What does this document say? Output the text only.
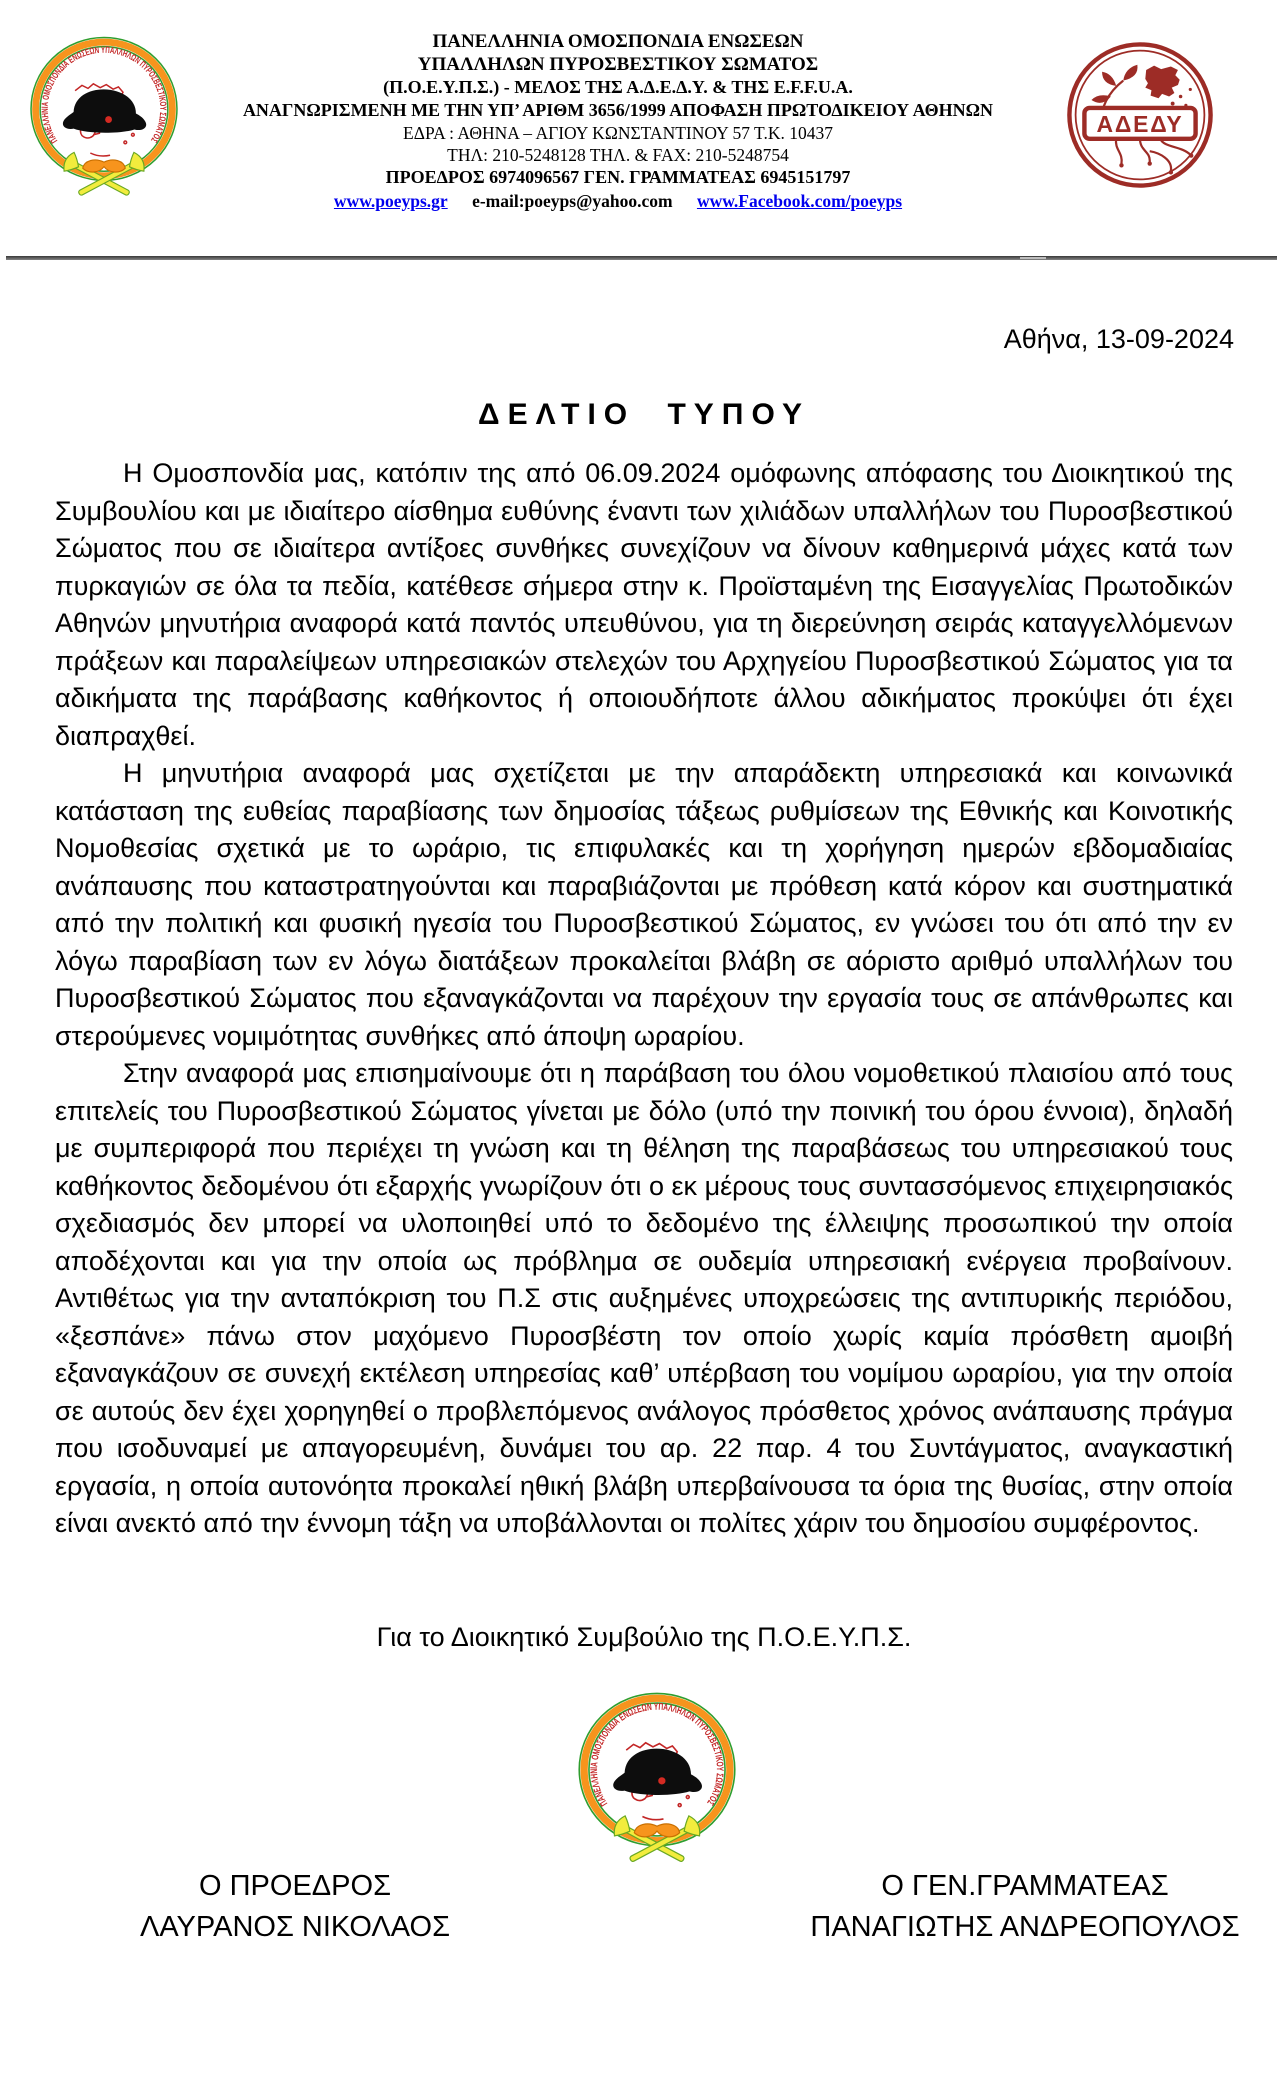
ΠΑΝΕΛΛΗΝΙΑ ΟΜΟΣΠΟΝΔΙΑ ΕΝΩΣΕΩΝ
ΥΠΑΛΛΗΛΩΝ ΠΥΡΟΣΒΕΣΤΙΚΟΥ ΣΩΜΑΤΟΣ
(Π.Ο.Ε.Υ.Π.Σ.) - ΜΕΛΟΣ ΤΗΣ Α.Δ.Ε.Δ.Υ. & ΤΗΣ E.F.F.U.A.
ΑΝΑΓΝΩΡΙΣΜΕΝΗ ΜΕ ΤΗΝ ΥΠ’ ΑΡΙΘΜ 3656/1999 ΑΠΟΦΑΣΗ ΠΡΩΤΟΔΙΚΕΙΟΥ ΑΘΗΝΩΝ
ΕΔΡΑ : ΑΘΗΝΑ – ΑΓΙΟΥ ΚΩΝΣΤΑΝΤΙΝΟΥ 57 Τ.Κ. 10437
ΤΗΛ: 210-5248128 ΤΗΛ. & FAX: 210-5248754
ΠΡΟΕΔΡΟΣ 6974096567 ΓΕΝ. ΓΡΑΜΜΑΤΕΑΣ 6945151797
www.poeyps.gr e-mail:poeyps@yahoo.com www.Facebook.com/poeyps
Αθήνα, 13-09-2024
ΔΕΛΤΙΟ ΤΥΠΟΥ

Η Ομοσπονδία μας, κατόπιν της από 06.09.2024 ομόφωνης απόφασης του Διοικητικού της Συμβουλίου και με ιδιαίτερο αίσθημα ευθύνης έναντι των χιλιάδων υπαλλήλων του Πυροσβεστικού Σώματος που σε ιδιαίτερα αντίξοες συνθήκες συνεχίζουν να δίνουν καθημερινά μάχες κατά των πυρκαγιών σε όλα τα πεδία, κατέθεσε σήμερα στην κ. Προϊσταμένη της Εισαγγελίας Πρωτοδικών Αθηνών μηνυτήρια αναφορά κατά παντός υπευθύνου, για τη διερεύνηση σειράς καταγγελλόμενων πράξεων και παραλείψεων υπηρεσιακών στελεχών του Αρχηγείου Πυροσβεστικού Σώματος για τα αδικήματα της παράβασης καθήκοντος ή οποιουδήποτε άλλου αδικήματος προκύψει ότι έχει διαπραχθεί.

Η μηνυτήρια αναφορά μας σχετίζεται με την απαράδεκτη υπηρεσιακά και κοινωνικά κατάσταση της ευθείας παραβίασης των δημοσίας τάξεως ρυθμίσεων της Εθνικής και Κοινοτικής Νομοθεσίας σχετικά με το ωράριο, τις επιφυλακές και τη χορήγηση ημερών εβδομαδιαίας ανάπαυσης που καταστρατηγούνται και παραβιάζονται με πρόθεση κατά κόρον και συστηματικά από την πολιτική και φυσική ηγεσία του Πυροσβεστικού Σώματος, εν γνώσει του ότι από την εν λόγω παραβίαση των εν λόγω διατάξεων προκαλείται βλάβη σε αόριστο αριθμό υπαλλήλων του Πυροσβεστικού Σώματος που εξαναγκάζονται να παρέχουν την εργασία τους σε απάνθρωπες και στερούμενες νομιμότητας συνθήκες από άποψη ωραρίου.

Στην αναφορά μας επισημαίνουμε ότι η παράβαση του όλου νομοθετικού πλαισίου από τους επιτελείς του Πυροσβεστικού Σώματος γίνεται με δόλο (υπό την ποινική του όρου έννοια), δηλαδή με συμπεριφορά που περιέχει τη γνώση και τη θέληση της παραβάσεως του υπηρεσιακού τους καθήκοντος δεδομένου ότι εξαρχής γνωρίζουν ότι ο εκ μέρους τους συντασσόμενος επιχειρησιακός σχεδιασμός δεν μπορεί να υλοποιηθεί υπό το δεδομένο της έλλειψης προσωπικού την οποία αποδέχονται και για την οποία ως πρόβλημα σε ουδεμία υπηρεσιακή ενέργεια προβαίνουν. Αντιθέτως για την ανταπόκριση του Π.Σ στις αυξημένες υποχρεώσεις της αντιπυρικής περιόδου, «ξεσπάνε» πάνω στον μαχόμενο Πυροσβέστη τον οποίο χωρίς καμία πρόσθετη αμοιβή εξαναγκάζουν σε συνεχή εκτέλεση υπηρεσίας καθ’ υπέρβαση του νομίμου ωραρίου, για την οποία σε αυτούς δεν έχει χορηγηθεί ο προβλεπόμενος ανάλογος πρόσθετος χρόνος ανάπαυσης πράγμα που ισοδυναμεί με απαγορευμένη, δυνάμει του αρ. 22 παρ. 4 του Συντάγματος, αναγκαστική εργασία, η οποία αυτονόητα προκαλεί ηθική βλάβη υπερβαίνουσα τα όρια της θυσίας, στην οποία είναι ανεκτό από την έννομη τάξη να υποβάλλονται οι πολίτες χάριν του δημοσίου συμφέροντος.

Για το Διοικητικό Συμβούλιο της Π.Ο.Ε.Υ.Π.Σ.
Ο ΠΡΟΕΔΡΟΣ
ΛΑΥΡΑΝΟΣ ΝΙΚΟΛΑΟΣ
Ο ΓΕΝ.ΓΡΑΜΜΑΤΕΑΣ
ΠΑΝΑΓΙΩΤΗΣ ΑΝΔΡΕΟΠΟΥΛΟΣ
